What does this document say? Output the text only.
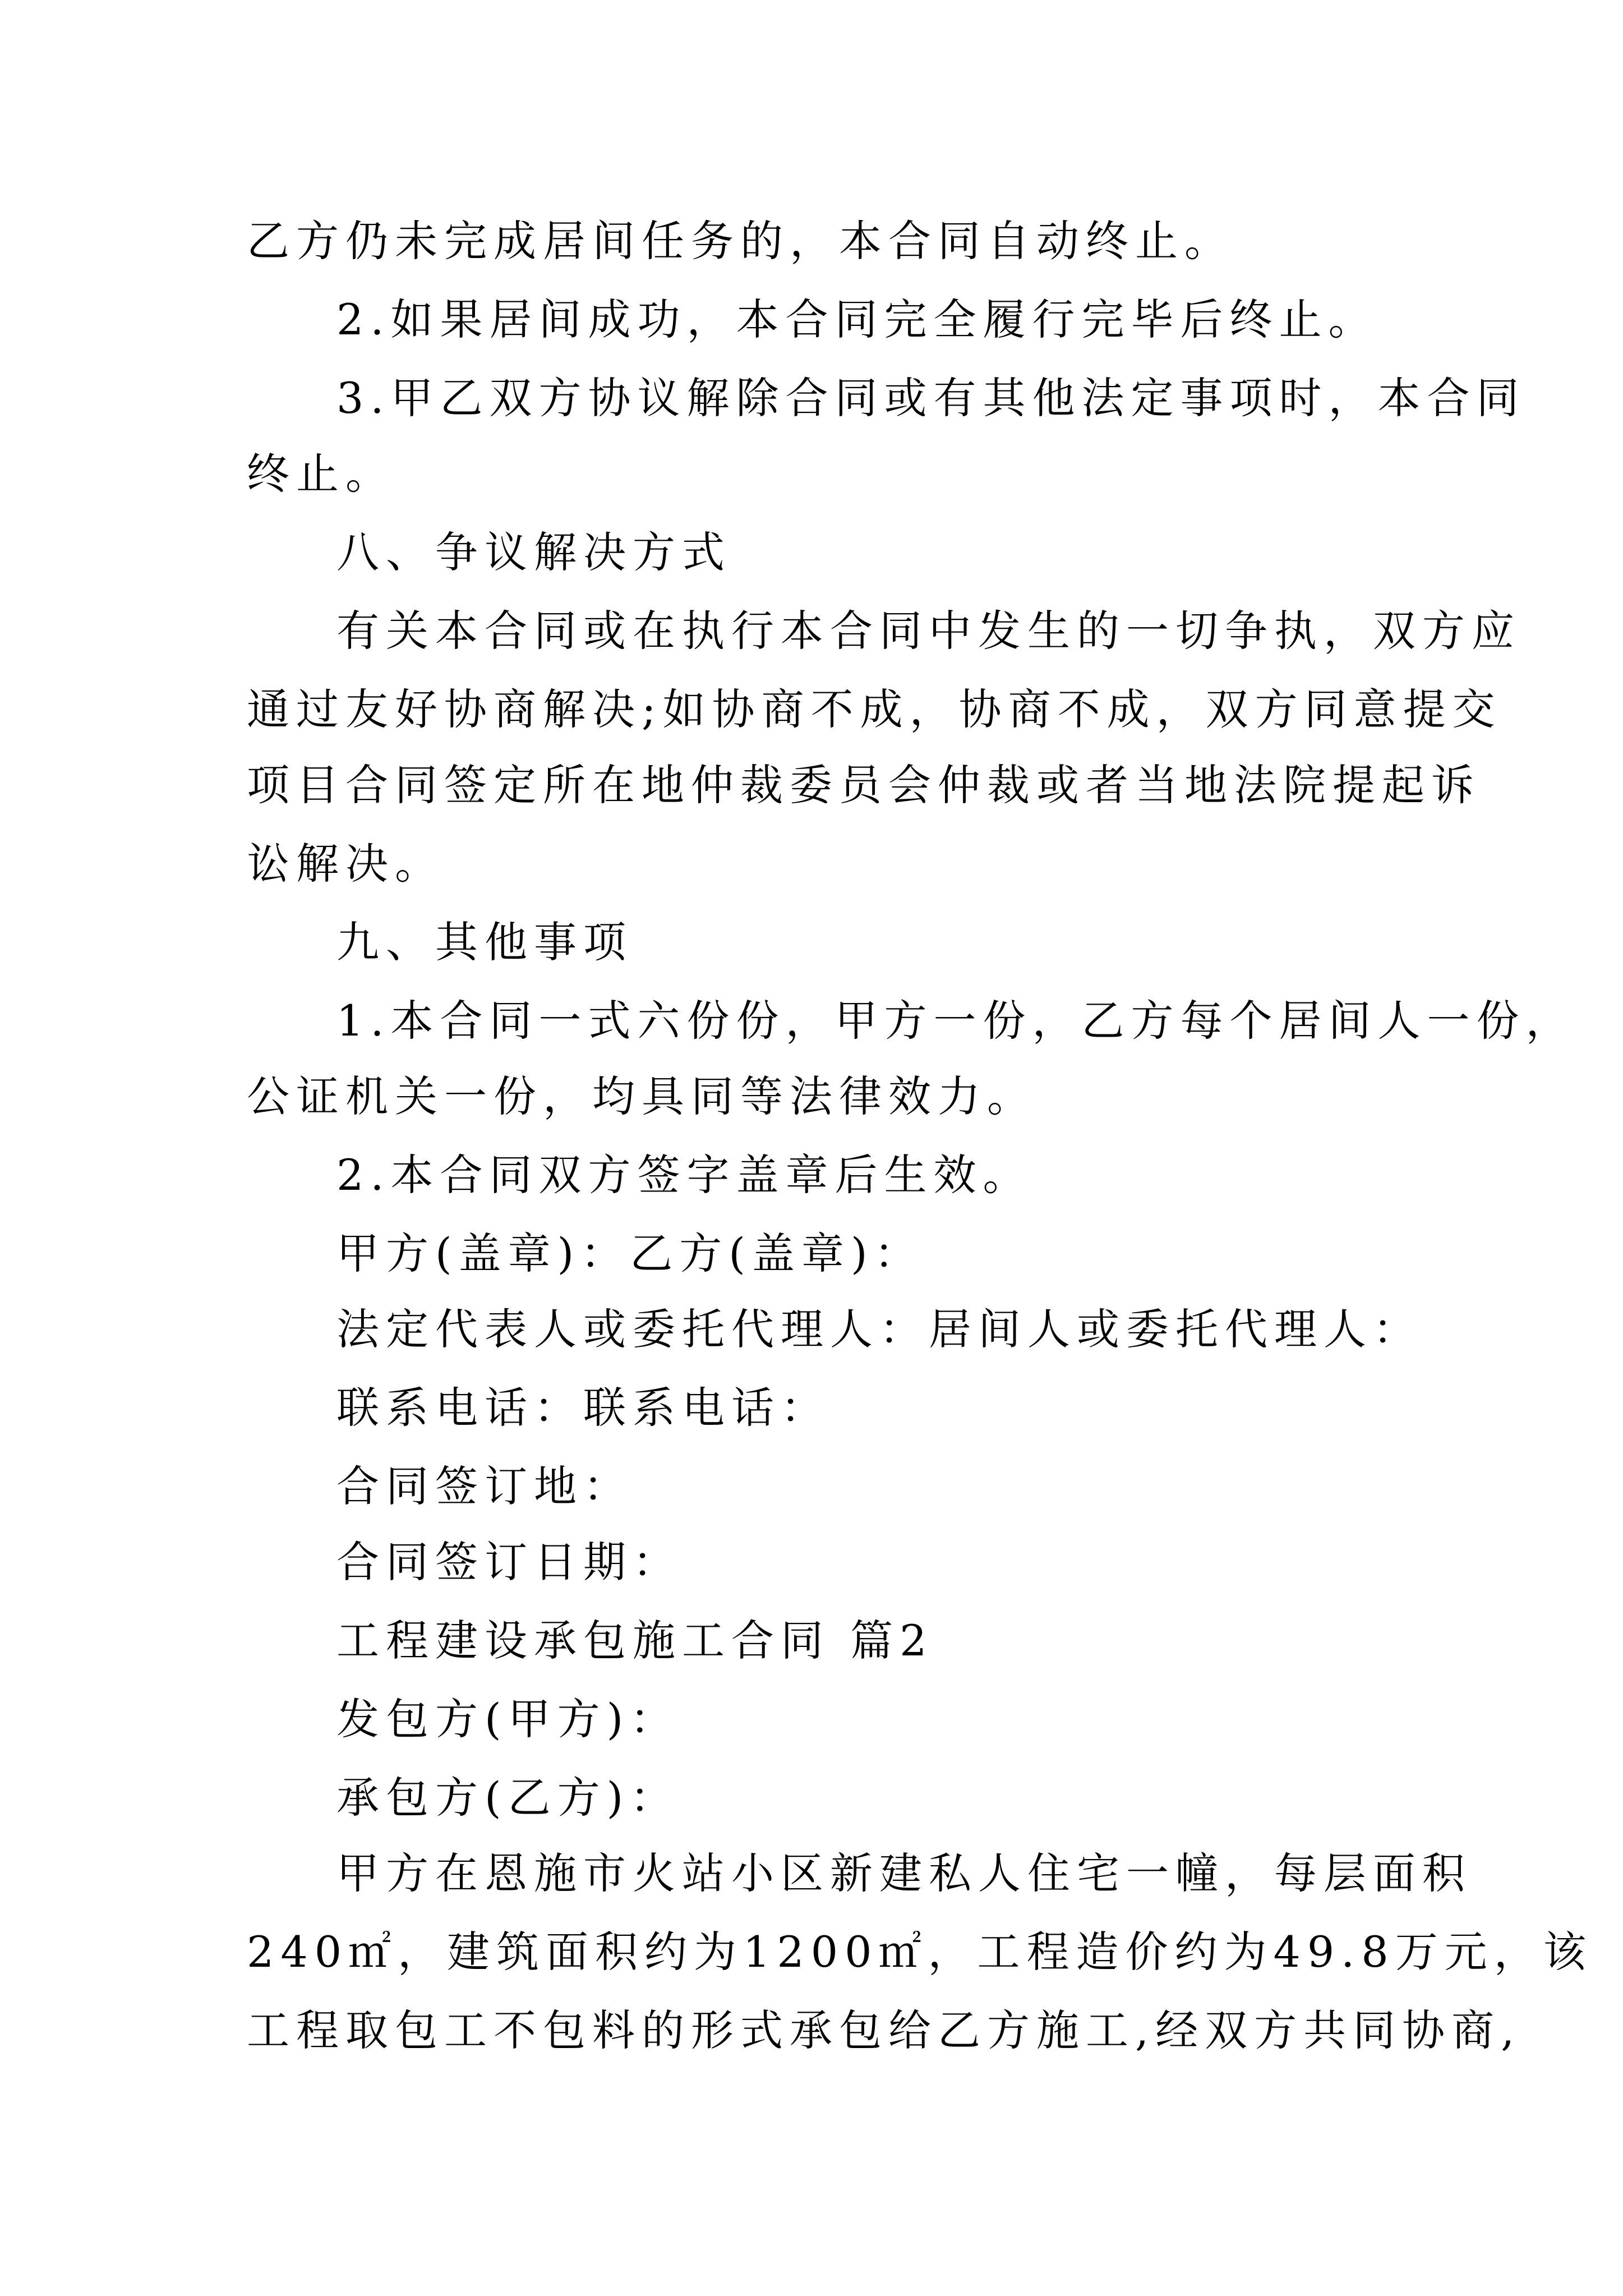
乙方仍未完成居间任务的，本合同自动终止。
2.如果居间成功，本合同完全履行完毕后终止。
3.甲乙双方协议解除合同或有其他法定事项时，本合同
终止。
八、争议解决方式
有关本合同或在执行本合同中发生的一切争执，双方应
通过友好协商解决;如协商不成，协商不成，双方同意提交
项目合同签定所在地仲裁委员会仲裁或者当地法院提起诉
讼解决。
九、其他事项
1.本合同一式六份份，甲方一份，乙方每个居间人一份，
公证机关一份，均具同等法律效力。
2.本合同双方签字盖章后生效。
甲方(盖章)：乙方(盖章)：
法定代表人或委托代理人：居间人或委托代理人：
联系电话：联系电话：
合同签订地：
合同签订日期：
工程建设承包施工合同 篇2
发包方(甲方)：
承包方(乙方)：
甲方在恩施市火站小区新建私人住宅一幢，每层面积
240㎡，建筑面积约为1200㎡，工程造价约为49.8万元，该
工程取包工不包料的形式承包给乙方施工,经双方共同协商,
